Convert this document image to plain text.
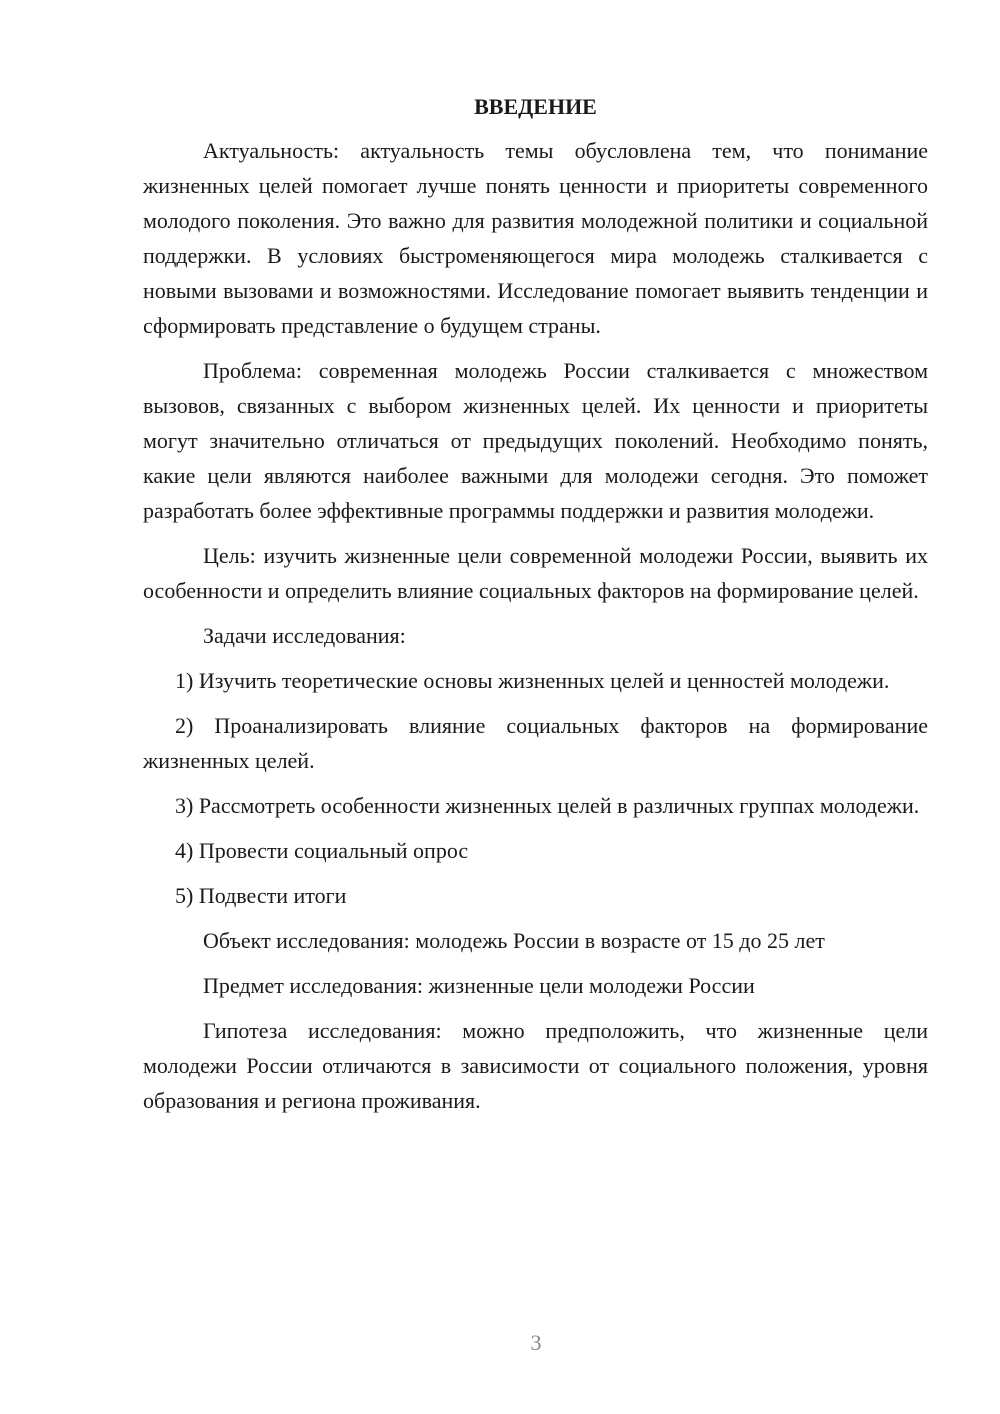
ВВЕДЕНИЕ

Актуальность: актуальность темы обусловлена тем, что понимание жизненных целей помогает лучше понять ценности и приоритеты современного молодого поколения. Это важно для развития молодежной политики и социальной поддержки. В условиях быстроменяющегося мира молодежь сталкивается с новыми вызовами и возможностями. Исследование помогает выявить тенденции и сформировать представление о будущем страны.

Проблема: современная молодежь России сталкивается с множеством вызовов, связанных с выбором жизненных целей. Их ценности и приоритеты могут значительно отличаться от предыдущих поколений. Необходимо понять, какие цели являются наиболее важными для молодежи сегодня. Это поможет разработать более эффективные программы поддержки и развития молодежи.

Цель: изучить жизненные цели современной молодежи России, выявить их особенности и определить влияние социальных факторов на формирование целей.

Задачи исследования:

1) Изучить теоретические основы жизненных целей и ценностей молодежи.

2) Проанализировать влияние социальных факторов на формирование жизненных целей.

3) Рассмотреть особенности жизненных целей в различных группах молодежи.

4) Провести социальный опрос

5) Подвести итоги

Объект исследования: молодежь России в возрасте от 15 до 25 лет

Предмет исследования: жизненные цели молодежи России

Гипотеза исследования: можно предположить, что жизненные цели молодежи России отличаются в зависимости от социального положения, уровня образования и региона проживания.

3
